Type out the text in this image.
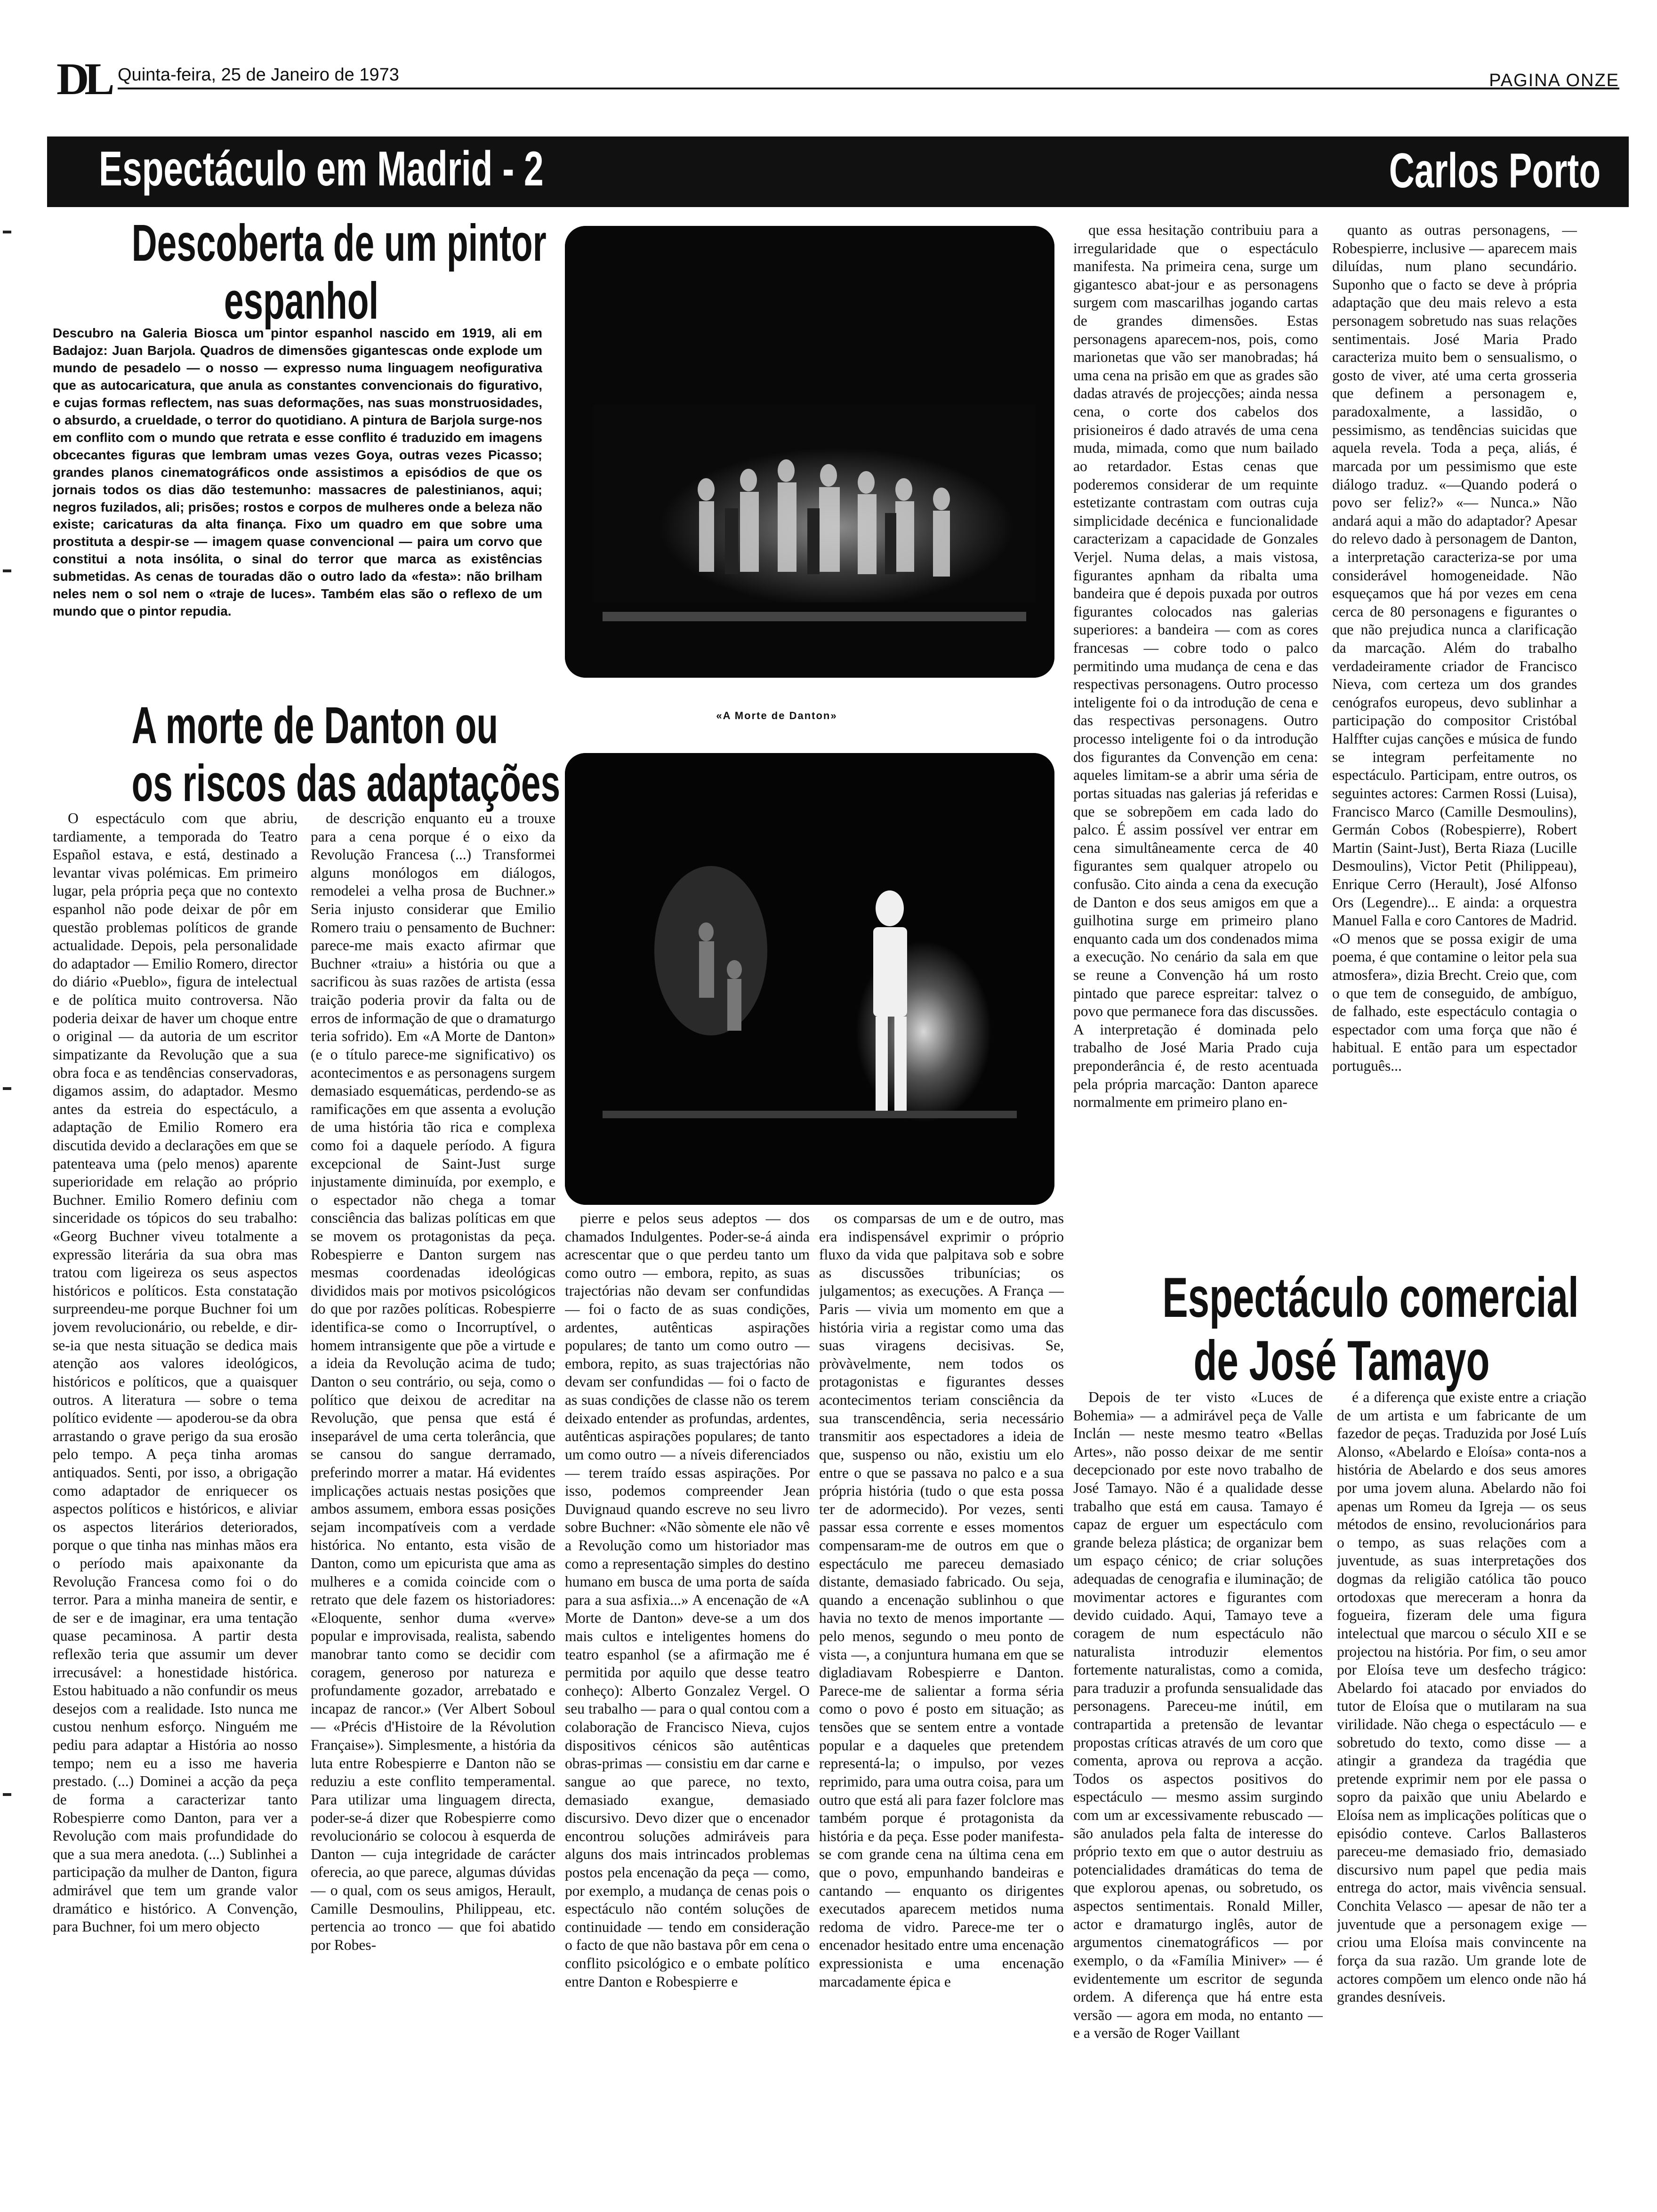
DL Quinta-feira, 25 de Janeiro de 1973	PAGINA ONZE
Espectáculo em Madrid - 2	Carlos Porto
Descoberta de um pintor
espanhol
Descubro na Galeria Biosca um pintor espanhol nascido em 1919, ali em Badajoz: Juan Barjola. Quadros de dimensões gigantescas onde explode um mundo de pesadelo — o nosso — expresso numa linguagem neofigurativa que as autocaricatura, que anula as constantes convencionais do figurativo, e cujas formas reflectem, nas suas deformações, nas suas monstruosidades, o absurdo, a crueldade, o terror do quotidiano. A pintura de Barjola surge-nos em conflito com o mundo que retrata e esse conflito é traduzido em imagens obcecantes figuras que lembram umas vezes Goya, outras vezes Picasso; grandes planos cinematográficos onde assistimos a episódios de que os jornais todos os dias dão testemunho: massacres de palestinianos, aqui; negros fuzilados, ali; prisões; rostos e corpos de mulheres onde a beleza não existe; caricaturas da alta finança. Fixo um quadro em que sobre uma prostituta a despir-se — imagem quase convencional — paira um corvo que constitui a nota insólita, o sinal do terror que marca as existências submetidas. As cenas de touradas dão o outro lado da «festa»: não brilham neles nem o sol nem o «traje de luces». Também elas são o reflexo de um mundo que o pintor repudia.
«A Morte de Danton»
A morte de Danton ou
os riscos das adaptações

O espectáculo com que abriu, tardiamente, a temporada do Teatro Español estava, e está, destinado a levantar vivas polémicas. Em primeiro lugar, pela própria peça que no contexto espanhol não pode deixar de pôr em questão problemas políticos de grande actualidade. Depois, pela personalidade do adaptador — Emilio Romero, director do diário «Pueblo», figura de intelectual e de política muito controversa. Não poderia deixar de haver um choque entre o original — da autoria de um escritor simpatizante da Revolução que a sua obra foca e as tendências conservadoras, digamos assim, do adaptador. Mesmo antes da estreia do espectáculo, a adaptação de Emilio Romero era discutida devido a declarações em que se patenteava uma (pelo menos) aparente superioridade em relação ao próprio Buchner. Emilio Romero definiu com sinceridade os tópicos do seu trabalho: «Georg Buchner viveu totalmente a expressão literária da sua obra mas tratou com ligeireza os seus aspectos históricos e políticos. Esta constatação surpreendeu-me porque Buchner foi um jovem revolucionário, ou rebelde, e dir-se-ia que nesta situação se dedica mais atenção aos valores ideológicos, históricos e políticos, que a quaisquer outros. A literatura — sobre o tema político evidente — apoderou-se da obra arrastando o grave perigo da sua erosão pelo tempo. A peça tinha aromas antiquados. Senti, por isso, a obrigação como adaptador de enriquecer os aspectos políticos e históricos, e aliviar os aspectos literários deteriorados, porque o que tinha nas minhas mãos era o período mais apaixonante da Revolução Francesa como foi o do terror. Para a minha maneira de sentir, e de ser e de imaginar, era uma tentação quase pecaminosa. A partir desta reflexão teria que assumir um dever irrecusável: a honestidade histórica. Estou habituado a não confundir os meus desejos com a realidade. Isto nunca me custou nenhum esforço. Ninguém me pediu para adaptar a História ao nosso tempo; nem eu a isso me haveria prestado. (...) Dominei a acção da peça de forma a caracterizar tanto Robespierre como Danton, para ver a Revolução com mais profundidade do que a sua mera anedota. (...) Sublinhei a participação da mulher de Danton, figura admirável que tem um grande valor dramático e histórico. A Convenção, para Buchner, foi um mero objecto

de descrição enquanto eu a trouxe para a cena porque é o eixo da Revolução Francesa (...) Transformei alguns monólogos em diálogos, remodelei a velha prosa de Buchner.» Seria injusto considerar que Emilio Romero traiu o pensamento de Buchner: parece-me mais exacto afirmar que Buchner «traiu» a história ou que a sacrificou às suas razões de artista (essa traição poderia provir da falta ou de erros de informação de que o dramaturgo teria sofrido). Em «A Morte de Danton» (e o título parece-me significativo) os acontecimentos e as personagens surgem demasiado esquemáticas, perdendo-se as ramificações em que assenta a evolução de uma história tão rica e complexa como foi a daquele período. A figura excepcional de Saint-Just surge injustamente diminuída, por exemplo, e o espectador não chega a tomar consciência das balizas políticas em que se movem os protagonistas da peça. Robespierre e Danton surgem nas mesmas coordenadas ideológicas divididos mais por motivos psicológicos do que por razões políticas. Robespierre identifica-se como o Incorruptível, o homem intransigente que põe a virtude e a ideia da Revolução acima de tudo; Danton o seu contrário, ou seja, como o político que deixou de acreditar na Revolução, que pensa que está é inseparável de uma certa tolerância, que se cansou do sangue derramado, preferindo morrer a matar. Há evidentes implicações actuais nestas posições que ambos assumem, embora essas posições sejam incompatíveis com a verdade histórica. No entanto, esta visão de Danton, como um epicurista que ama as mulheres e a comida coincide com o retrato que dele fazem os historiadores: «Eloquente, senhor duma «verve» popular e improvisada, realista, sabendo manobrar tanto como se decidir com coragem, generoso por natureza e profundamente gozador, arrebatado e incapaz de rancor.» (Ver Albert Soboul — «Précis d'Histoire de la Révolution Française»). Simplesmente, a história da luta entre Robespierre e Danton não se reduziu a este conflito temperamental. Para utilizar uma linguagem directa, poder-se-á dizer que Robespierre como revolucionário se colocou à esquerda de Danton — cuja integridade de carácter oferecia, ao que parece, algumas dúvidas — o qual, com os seus amigos, Herault, Camille Desmoulins, Philippeau, etc. pertencia ao tronco — que foi abatido por Robes-

pierre e pelos seus adeptos — dos chamados Indulgentes. Poder-se-á ainda acrescentar que o que perdeu tanto um como outro — embora, repito, as suas trajectórias não devam ser confundidas — foi o facto de as suas condições, ardentes, autênticas aspirações populares; de tanto um como outro — embora, repito, as suas trajectórias não devam ser confundidas — foi o facto de as suas condições de classe não os terem deixado entender as profundas, ardentes, autênticas aspirações populares; de tanto um como outro — a níveis diferenciados — terem traído essas aspirações. Por isso, podemos compreender Jean Duvignaud quando escreve no seu livro sobre Buchner: «Não sòmente ele não vê a Revolução como um historiador mas como a representação simples do destino humano em busca de uma porta de saída para a sua asfixia...» A encenação de «A Morte de Danton» deve-se a um dos mais cultos e inteligentes homens do teatro espanhol (se a afirmação me é permitida por aquilo que desse teatro conheço): Alberto Gonzalez Vergel. O seu trabalho — para o qual contou com a colaboração de Francisco Nieva, cujos dispositivos cénicos são autênticas obras-primas — consistiu em dar carne e sangue ao que parece, no texto, demasiado exangue, demasiado discursivo. Devo dizer que o encenador encontrou soluções admiráveis para alguns dos mais intrincados problemas postos pela encenação da peça — como, por exemplo, a mudança de cenas pois o espectáculo não contém soluções de continuidade — tendo em consideração o facto de que não bastava pôr em cena o conflito psicológico e o embate político entre Danton e Robespierre e

os comparsas de um e de outro, mas era indispensável exprimir o próprio fluxo da vida que palpitava sob e sobre as discussões tribunícias; os julgamentos; as execuções. A França — Paris — vivia um momento em que a história viria a registar como uma das suas viragens decisivas. Se, pròvàvelmente, nem todos os protagonistas e figurantes desses acontecimentos teriam consciência da sua transcendência, seria necessário transmitir aos espectadores a ideia de que, suspenso ou não, existiu um elo entre o que se passava no palco e a sua própria história (tudo o que esta possa ter de adormecido). Por vezes, senti passar essa corrente e esses momentos compensaram-me de outros em que o espectáculo me pareceu demasiado distante, demasiado fabricado. Ou seja, quando a encenação sublinhou o que havia no texto de menos importante — pelo menos, segundo o meu ponto de vista —, a conjuntura humana em que se digladiavam Robespierre e Danton. Parece-me de salientar a forma séria como o povo é posto em situação; as tensões que se sentem entre a vontade popular e a daqueles que pretendem representá-la; o impulso, por vezes reprimido, para uma outra coisa, para um outro que está ali para fazer folclore mas também porque é protagonista da história e da peça. Esse poder manifesta-se com grande cena na última cena em que o povo, empunhando bandeiras e cantando — enquanto os dirigentes executados aparecem metidos numa redoma de vidro. Parece-me ter o encenador hesitado entre uma encenação expressionista e uma encenação marcadamente épica e

que essa hesitação contribuiu para a irregularidade que o espectáculo manifesta. Na primeira cena, surge um gigantesco abat-jour e as personagens surgem com mascarilhas jogando cartas de grandes dimensões. Estas personagens aparecem-nos, pois, como marionetas que vão ser manobradas; há uma cena na prisão em que as grades são dadas através de projecções; ainda nessa cena, o corte dos cabelos dos prisioneiros é dado através de uma cena muda, mimada, como que num bailado ao retardador. Estas cenas que poderemos considerar de um requinte estetizante contrastam com outras cuja simplicidade decénica e funcionalidade caracterizam a capacidade de Gonzales Verjel. Numa delas, a mais vistosa, figurantes apnham da ribalta uma bandeira que é depois puxada por outros figurantes colocados nas galerias superiores: a bandeira — com as cores francesas — cobre todo o palco permitindo uma mudança de cena e das respectivas personagens. Outro processo inteligente foi o da introdução de cena e das respectivas personagens. Outro processo inteligente foi o da introdução dos figurantes da Convenção em cena: aqueles limitam-se a abrir uma séria de portas situadas nas galerias já referidas e que se sobrepõem em cada lado do palco. É assim possível ver entrar em cena simultâneamente cerca de 40 figurantes sem qualquer atropelo ou confusão. Cito ainda a cena da execução de Danton e dos seus amigos em que a guilhotina surge em primeiro plano enquanto cada um dos condenados mima a execução. No cenário da sala em que se reune a Convenção há um rosto pintado que parece espreitar: talvez o povo que permanece fora das discussões. A interpretação é dominada pelo trabalho de José Maria Prado cuja preponderância é, de resto acentuada pela própria marcação: Danton aparece normalmente em primeiro plano en-

quanto as outras personagens, — Robespierre, inclusive — aparecem mais diluídas, num plano secundário. Suponho que o facto se deve à própria adaptação que deu mais relevo a esta personagem sobretudo nas suas relações sentimentais. José Maria Prado caracteriza muito bem o sensualismo, o gosto de viver, até uma certa grosseria que definem a personagem e, paradoxalmente, a lassidão, o pessimismo, as tendências suicidas que aquela revela. Toda a peça, aliás, é marcada por um pessimismo que este diálogo traduz. «—Quando poderá o povo ser feliz?» «— Nunca.» Não andará aqui a mão do adaptador? Apesar do relevo dado à personagem de Danton, a interpretação caracteriza-se por uma considerável homogeneidade. Não esqueçamos que há por vezes em cena cerca de 80 personagens e figurantes o que não prejudica nunca a clarificação da marcação. Além do trabalho verdadeiramente criador de Francisco Nieva, com certeza um dos grandes cenógrafos europeus, devo sublinhar a participação do compositor Cristóbal Halffter cujas canções e música de fundo se integram perfeitamente no espectáculo. Participam, entre outros, os seguintes actores: Carmen Rossi (Luisa), Francisco Marco (Camille Desmoulins), Germán Cobos (Robespierre), Robert Martin (Saint-Just), Berta Riaza (Lucille Desmoulins), Victor Petit (Philippeau), Enrique Cerro (Herault), José Alfonso Ors (Legendre)... E ainda: a orquestra Manuel Falla e coro Cantores de Madrid. «O menos que se possa exigir de uma poema, é que contamine o leitor pela sua atmosfera», dizia Brecht. Creio que, com o que tem de conseguido, de ambíguo, de falhado, este espectáculo contagia o espectador com uma força que não é habitual. E então para um espectador português...

Espectáculo comercial
de José Tamayo

Depois de ter visto «Luces de Bohemia» — a admirável peça de Valle Inclán — neste mesmo teatro «Bellas Artes», não posso deixar de me sentir decepcionado por este novo trabalho de José Tamayo. Não é a qualidade desse trabalho que está em causa. Tamayo é capaz de erguer um espectáculo com grande beleza plástica; de organizar bem um espaço cénico; de criar soluções adequadas de cenografia e iluminação; de movimentar actores e figurantes com devido cuidado. Aqui, Tamayo teve a coragem de num espectáculo não naturalista introduzir elementos fortemente naturalistas, como a comida, para traduzir a profunda sensualidade das personagens. Pareceu-me inútil, em contrapartida a pretensão de levantar propostas críticas através de um coro que comenta, aprova ou reprova a acção. Todos os aspectos positivos do espectáculo — mesmo assim surgindo com um ar excessivamente rebuscado — são anulados pela falta de interesse do próprio texto em que o autor destruiu as potencialidades dramáticas do tema de que explorou apenas, ou sobretudo, os aspectos sentimentais. Ronald Miller, actor e dramaturgo inglês, autor de argumentos cinematográficos — por exemplo, o da «Família Miniver» — é evidentemente um escritor de segunda ordem. A diferença que há entre esta versão — agora em moda, no entanto — e a versão de Roger Vaillant

é a diferença que existe entre a criação de um artista e um fabricante de um fazedor de peças. Traduzida por José Luís Alonso, «Abelardo e Eloísa» conta-nos a história de Abelardo e dos seus amores por uma jovem aluna. Abelardo não foi apenas um Romeu da Igreja — os seus métodos de ensino, revolucionários para o tempo, as suas relações com a juventude, as suas interpretações dos dogmas da religião católica tão pouco ortodoxas que mereceram a honra da fogueira, fizeram dele uma figura intelectual que marcou o século XII e se projectou na história. Por fim, o seu amor por Eloísa teve um desfecho trágico: Abelardo foi atacado por enviados do tutor de Eloísa que o mutilaram na sua virilidade. Não chega o espectáculo — e sobretudo do texto, como disse — a atingir a grandeza da tragédia que pretende exprimir nem por ele passa o sopro da paixão que uniu Abelardo e Eloísa nem as implicações políticas que o episódio conteve. Carlos Ballasteros pareceu-me demasiado frio, demasiado discursivo num papel que pedia mais entrega do actor, mais vivência sensual. Conchita Velasco — apesar de não ter a juventude que a personagem exige — criou uma Eloísa mais convincente na força da sua razão. Um grande lote de actores compõem um elenco onde não há grandes desníveis.
